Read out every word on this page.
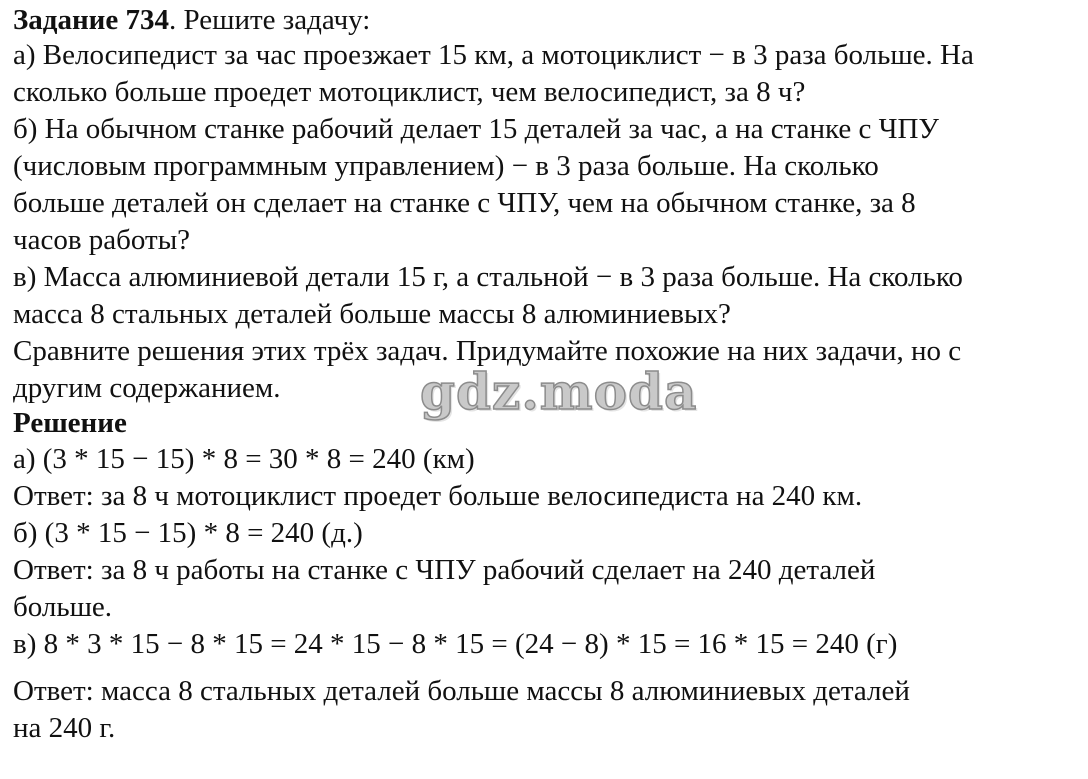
Задание 734. Решите задачу:
а) Велосипедист за час проезжает 15 км, а мотоциклист − в 3 раза больше. На
сколько больше проедет мотоциклист, чем велосипедист, за 8 ч?
б) На обычном станке рабочий делает 15 деталей за час, а на станке с ЧПУ
(числовым программным управлением) − в 3 раза больше. На сколько
больше деталей он сделает на станке с ЧПУ, чем на обычном станке, за 8
часов работы?
в) Масса алюминиевой детали 15 г, а стальной − в 3 раза больше. На сколько
масса 8 стальных деталей больше массы 8 алюминиевых?
Сравните решения этих трёх задач. Придумайте похожие на них задачи, но с
другим содержанием.
Решение
а) (3 * 15 − 15) * 8 = 30 * 8 = 240 (км)
Ответ: за 8 ч мотоциклист проедет больше велосипедиста на 240 км.
б) (3 * 15 − 15) * 8 = 240 (д.)
Ответ: за 8 ч работы на станке с ЧПУ рабочий сделает на 240 деталей
больше.
в) 8 * 3 * 15 − 8 * 15 = 24 * 15 − 8 * 15 = (24 − 8) * 15 = 16 * 15 = 240 (г)
Ответ: масса 8 стальных деталей больше массы 8 алюминиевых деталей
на 240 г.
gdz.moda
